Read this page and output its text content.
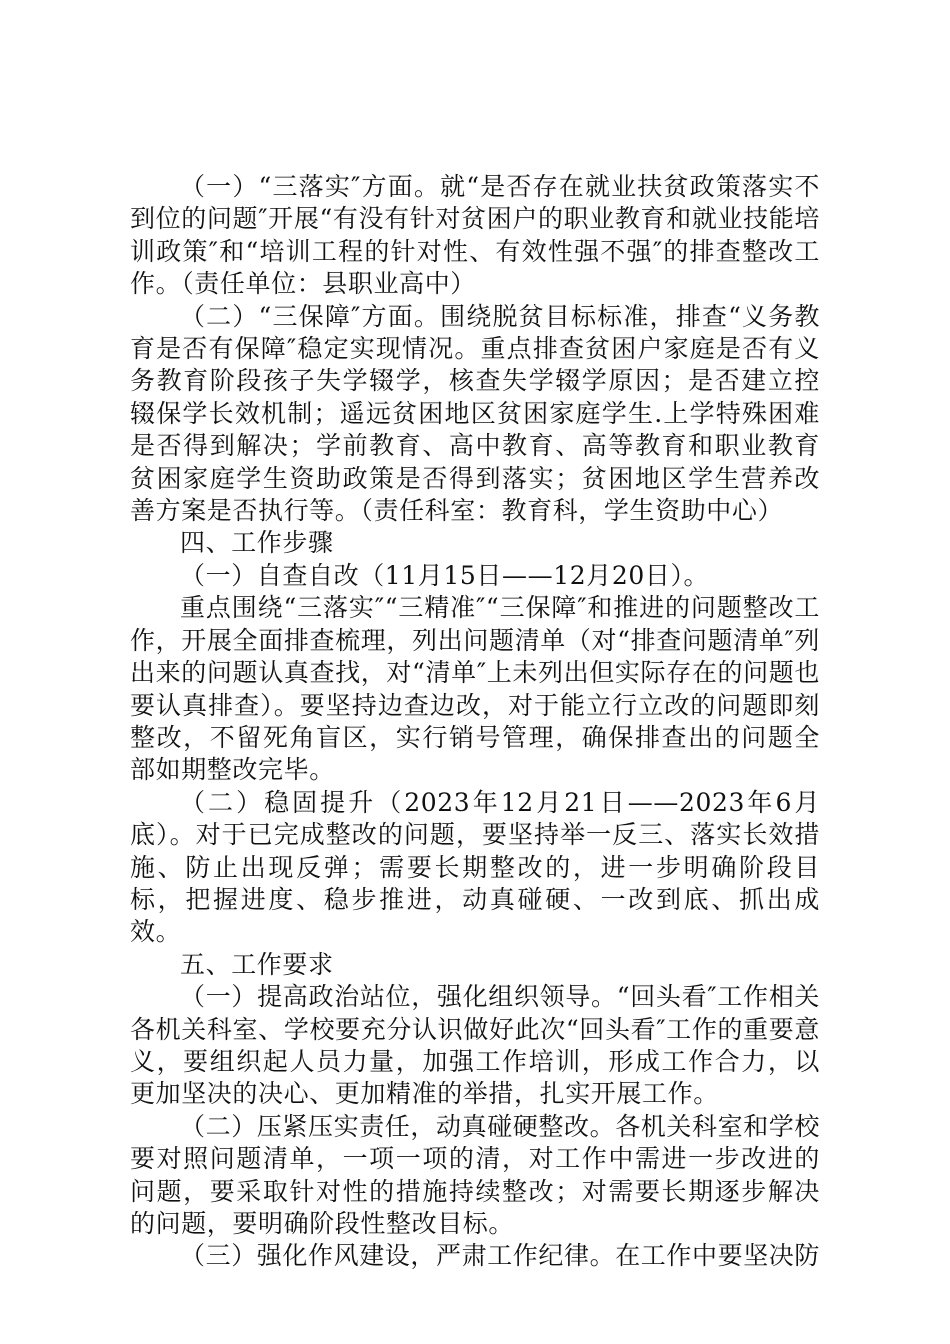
（一）“三落实″方面。就“是否存在就业扶贫政策落实不到位的问题″开展“有没有针对贫困户的职业教育和就业技能培训政策″和“培训工程的针对性、有效性强不强″的排查整改工作。（责任单位：县职业高中）

（二）“三保障″方面。围绕脱贫目标标准，排查“义务教育是否有保障″稳定实现情况。重点排查贫困户家庭是否有义务教育阶段孩子失学辍学，核查失学辍学原因；是否建立控辍保学长效机制；遥远贫困地区贫困家庭学生.上学特殊困难是否得到解决；学前教育、高中教育、高等教育和职业教育贫困家庭学生资助政策是否得到落实；贫困地区学生营养改善方案是否执行等。（责任科室：教育科，学生资助中心）

四、工作步骤

（一）自查自改（11月15日——12月20日）。

重点围绕“三落实″“三精准″“三保障″和推进的问题整改工作，开展全面排查梳理，列出问题清单（对“排查问题清单″列出来的问题认真查找，对“清单″上未列出但实际存在的问题也要认真排查）。要坚持边查边改，对于能立行立改的问题即刻整改，不留死角盲区，实行销号管理，确保排查出的问题全部如期整改完毕。

（二）稳固提升（2023年12月21日——2023年6月底）。对于已完成整改的问题，要坚持举一反三、落实长效措施、防止出现反弹；需要长期整改的，进一步明确阶段目标，把握进度、稳步推进，动真碰硬、一改到底、抓出成效。

五、工作要求

（一）提高政治站位，强化组织领导。“回头看″工作相关各机关科室、学校要充分认识做好此次“回头看″工作的重要意义，要组织起人员力量，加强工作培训，形成工作合力，以更加坚决的决心、更加精准的举措，扎实开展工作。

（二）压紧压实责任，动真碰硬整改。各机关科室和学校要对照问题清单，一项一项的清，对工作中需进一步改进的问题，要采取针对性的措施持续整改；对需要长期逐步解决的问题，要明确阶段性整改目标。

（三）强化作风建设，严肃工作纪律。在工作中要坚决防
